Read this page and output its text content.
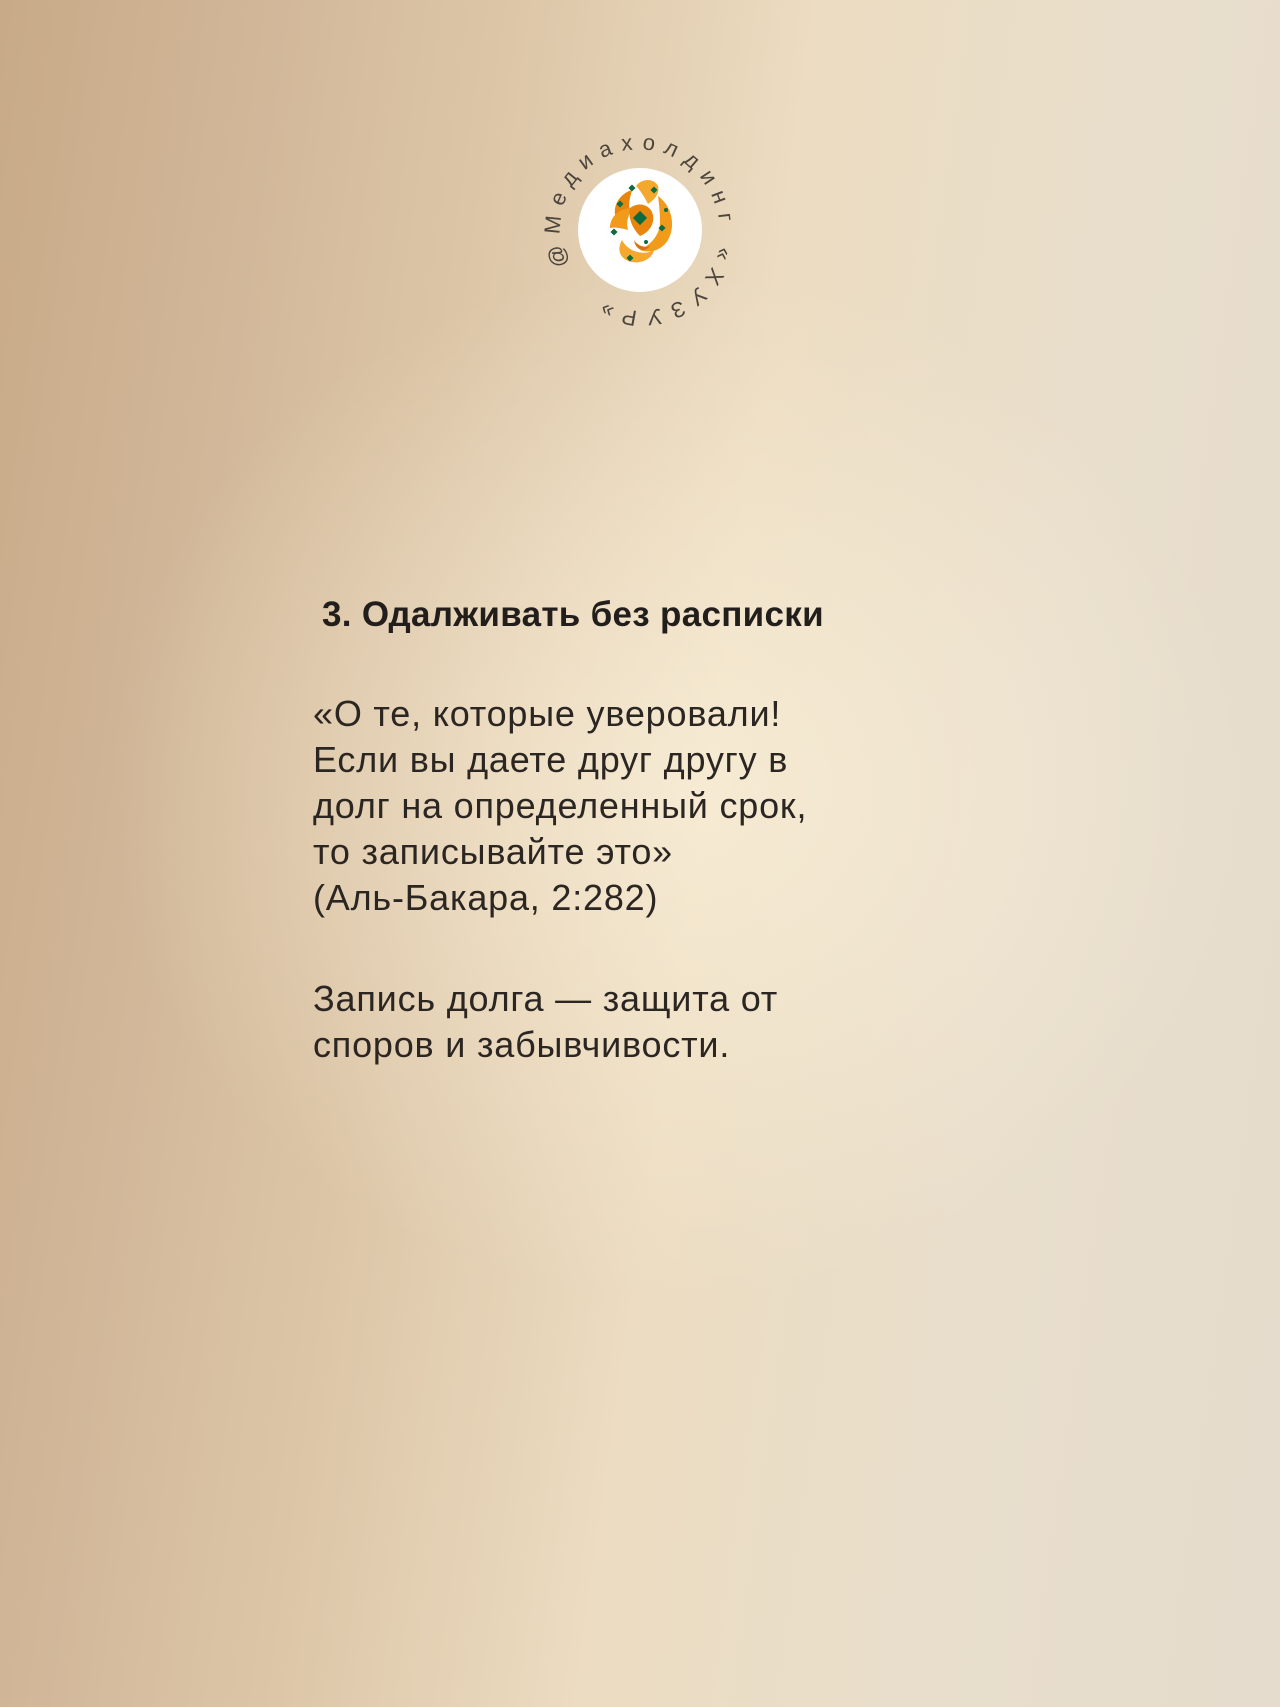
@Медиахолдинг «ХУЗУР»
3. Одалживать без расписки

«О те, которые уверовали!

Если вы даете друг другу в

долг на определенный срок,

то записывайте это»

(Аль-Бакара, 2:282)

Запись долга — защита от

споров и забывчивости.
